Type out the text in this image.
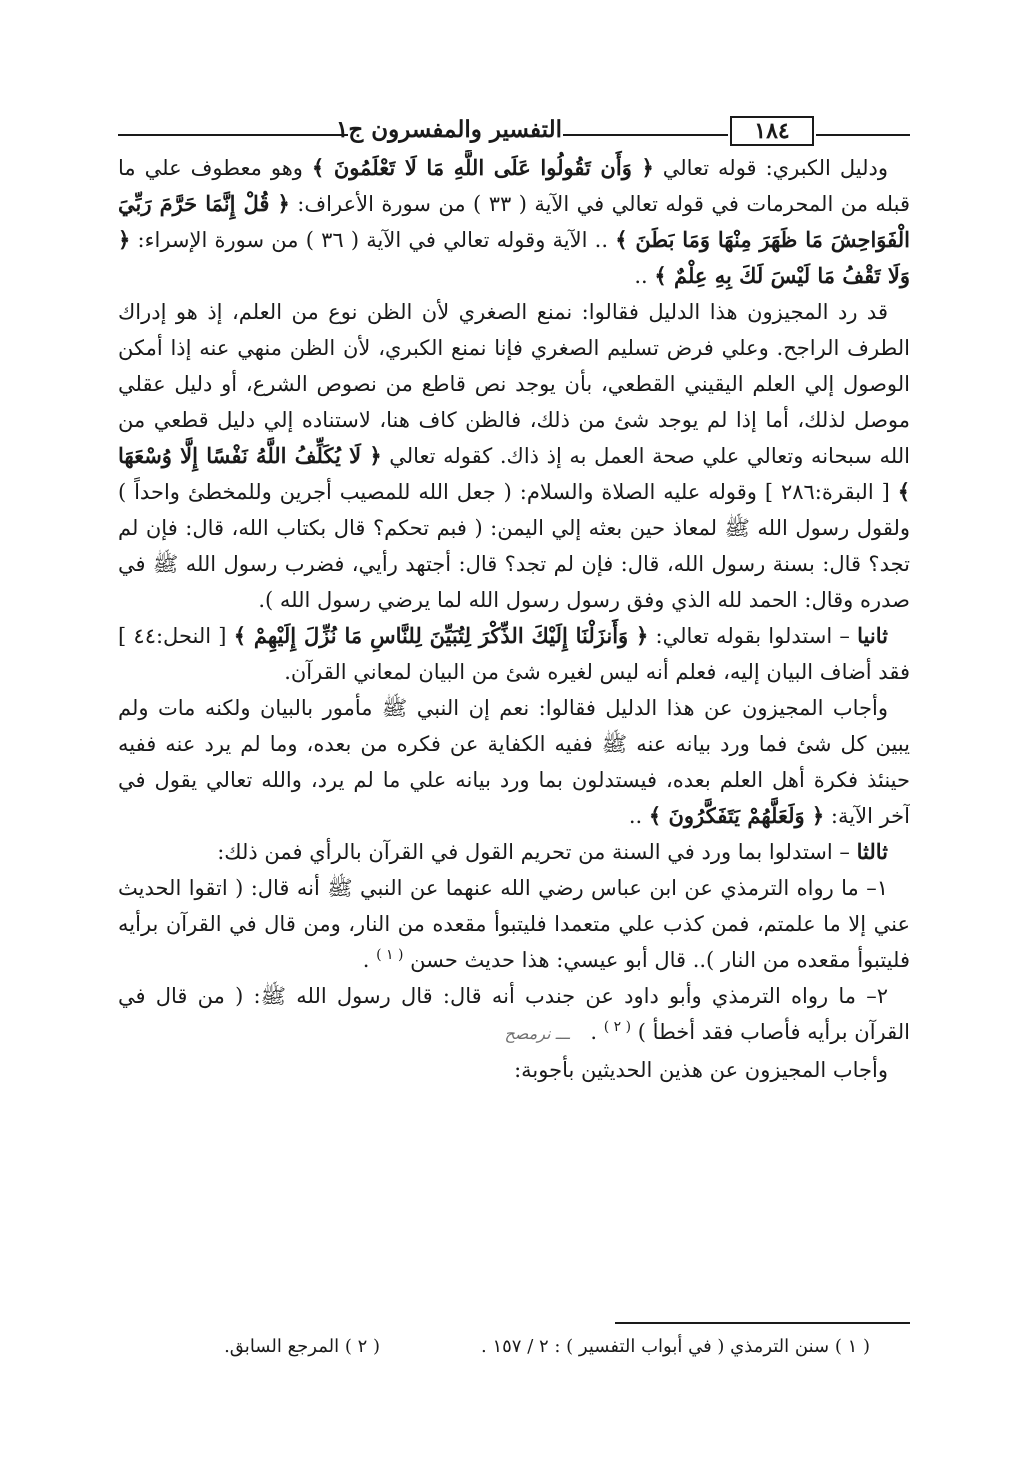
التفسير والمفسرون ج١	١٨٤

ودليل الكبري: قوله تعالي ﴿ وَأَن تَقُولُوا عَلَى اللَّهِ مَا لَا تَعْلَمُونَ ﴾ وهو معطوف علي ما قبله من المحرمات في قوله تعالي في الآية ( ٣٣ ) من سورة الأعراف: ﴿ قُلْ إِنَّمَا حَرَّمَ رَبِّيَ الْفَوَاحِشَ مَا ظَهَرَ مِنْهَا وَمَا بَطَنَ ﴾ .. الآية وقوله تعالي في الآية ( ٣٦ ) من سورة الإسراء: ﴿ وَلَا تَقْفُ مَا لَيْسَ لَكَ بِهِ عِلْمٌ ﴾ ..

قد رد المجيزون هذا الدليل فقالوا: نمنع الصغري لأن الظن نوع من العلم، إذ هو إدراك الطرف الراجح. وعلي فرض تسليم الصغري فإنا نمنع الكبري، لأن الظن منهي عنه إذا أمكن الوصول إلي العلم اليقيني القطعي، بأن يوجد نص قاطع من نصوص الشرع، أو دليل عقلي موصل لذلك، أما إذا لم يوجد شئ من ذلك، فالظن كاف هنا، لاستناده إلي دليل قطعي من الله سبحانه وتعالي علي صحة العمل به إذ ذاك. كقوله تعالي ﴿ لَا يُكَلِّفُ اللَّهُ نَفْسًا إِلَّا وُسْعَهَا ﴾ [ البقرة:٢٨٦ ] وقوله عليه الصلاة والسلام: ( جعل الله للمصيب أجرين وللمخطئ واحداً ) ولقول رسول الله ﷺ لمعاذ حين بعثه إلي اليمن: ( فبم تحكم؟ قال بكتاب الله، قال: فإن لم تجد؟ قال: بسنة رسول الله، قال: فإن لم تجد؟ قال: أجتهد رأيي، فضرب رسول الله ﷺ في صدره وقال: الحمد لله الذي وفق رسول رسول الله لما يرضي رسول الله ).

ثانيا – استدلوا بقوله تعالي: ﴿ وَأَنزَلْنَا إِلَيْكَ الذِّكْرَ لِتُبَيِّنَ لِلنَّاسِ مَا نُزِّلَ إِلَيْهِمْ ﴾ [ النحل:٤٤ ] فقد أضاف البيان إليه، فعلم أنه ليس لغيره شئ من البيان لمعاني القرآن.

وأجاب المجيزون عن هذا الدليل فقالوا: نعم إن النبي ﷺ مأمور بالبيان ولكنه مات ولم يبين كل شئ فما ورد بيانه عنه ﷺ ففيه الكفاية عن فكره من بعده، وما لم يرد عنه ففيه حينئذ فكرة أهل العلم بعده، فيستدلون بما ورد بيانه علي ما لم يرد، والله تعالي يقول في آخر الآية: ﴿ وَلَعَلَّهُمْ يَتَفَكَّرُونَ ﴾ ..

ثالثا – استدلوا بما ورد في السنة من تحريم القول في القرآن بالرأي فمن ذلك:

١– ما رواه الترمذي عن ابن عباس رضي الله عنهما عن النبي ﷺ أنه قال: ( اتقوا الحديث عني إلا ما علمتم، فمن كذب علي متعمدا فليتبوأ مقعده من النار، ومن قال في القرآن برأيه فليتبوأ مقعده من النار ).. قال أبو عيسي: هذا حديث حسن $^{( ١ )}$ .

٢– ما رواه الترمذي وأبو داود عن جندب أنه قال: قال رسول الله ﷺ: ( من قال في القرآن برأيه فأصاب فقد أخطأ ) $^{( ٢ )}$ . ـــ نرمصح

وأجاب المجيزون عن هذين الحديثين بأجوبة:

( ١ ) سنن الترمذي ( في أبواب التفسير ) : ٢ / ١٥٧ .
( ٢ ) المرجع السابق.
